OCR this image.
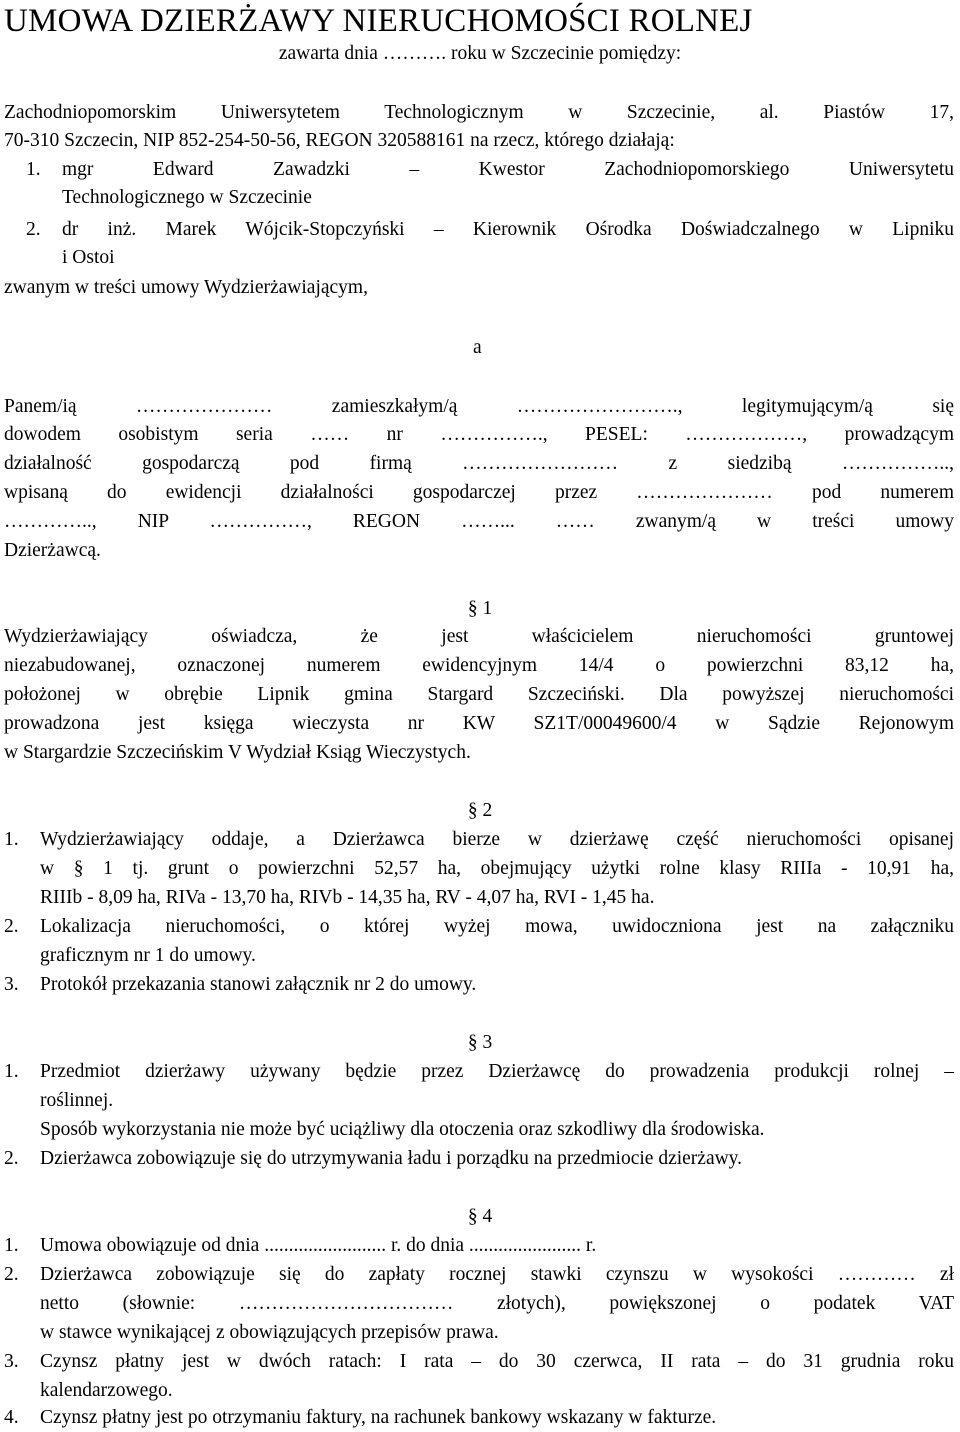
UMOWA DZIERŻAWY NIERUCHOMOŚCI ROLNEJ
zawarta dnia ………. roku w Szczecinie pomiędzy:
Zachodniopomorskim Uniwersytetem Technologicznym w Szczecinie, al. Piastów 17,
70-310 Szczecin, NIP 852-254-50-56, REGON 320588161 na rzecz, którego działają:
1. mgr Edward Zawadzki – Kwestor Zachodniopomorskiego Uniwersytetu
Technologicznego w Szczecinie
2. dr inż. Marek Wójcik-Stopczyński – Kierownik Ośrodka Doświadczalnego w Lipniku
i Ostoi
zwanym w treści umowy Wydzierżawiającym,
a
Panem/ią ………………… zamieszkałym/ą ……………………., legitymującym/ą się
dowodem osobistym seria …… nr ……………., PESEL: ………………, prowadzącym
działalność gospodarczą pod firmą …………………… z siedzibą ……………..,
wpisaną do ewidencji działalności gospodarczej przez ………………… pod numerem
………….., NIP ……………, REGON ……... …… zwanym/ą w treści umowy
Dzierżawcą.
§ 1
Wydzierżawiający oświadcza, że jest właścicielem nieruchomości gruntowej
niezabudowanej, oznaczonej numerem ewidencyjnym 14/4 o powierzchni 83,12 ha,
położonej w obrębie Lipnik gmina Stargard Szczeciński. Dla powyższej nieruchomości
prowadzona jest księga wieczysta nr KW SZ1T/00049600/4 w Sądzie Rejonowym
w Stargardzie Szczecińskim V Wydział Ksiąg Wieczystych.
§ 2
1. Wydzierżawiający oddaje, a Dzierżawca bierze w dzierżawę część nieruchomości opisanej
w § 1 tj. grunt o powierzchni 52,57 ha, obejmujący użytki rolne klasy RIIIa - 10,91 ha,
RIIIb - 8,09 ha, RIVa - 13,70 ha, RIVb - 14,35 ha, RV - 4,07 ha, RVI - 1,45 ha.
2. Lokalizacja nieruchomości, o której wyżej mowa, uwidoczniona jest na załączniku
graficznym nr 1 do umowy.
3. Protokół przekazania stanowi załącznik nr 2 do umowy.
§ 3
1. Przedmiot dzierżawy używany będzie przez Dzierżawcę do prowadzenia produkcji rolnej –
roślinnej.
Sposób wykorzystania nie może być uciążliwy dla otoczenia oraz szkodliwy dla środowiska.
2. Dzierżawca zobowiązuje się do utrzymywania ładu i porządku na przedmiocie dzierżawy.
§ 4
1. Umowa obowiązuje od dnia ......................... r. do dnia ....................... r.
2. Dzierżawca zobowiązuje się do zapłaty rocznej stawki czynszu w wysokości ………… zł
netto (słownie: …………………………… złotych), powiększonej o podatek VAT
w stawce wynikającej z obowiązujących przepisów prawa.
3. Czynsz płatny jest w dwóch ratach: I rata – do 30 czerwca, II rata – do 31 grudnia roku
kalendarzowego.
4. Czynsz płatny jest po otrzymaniu faktury, na rachunek bankowy wskazany w fakturze.
